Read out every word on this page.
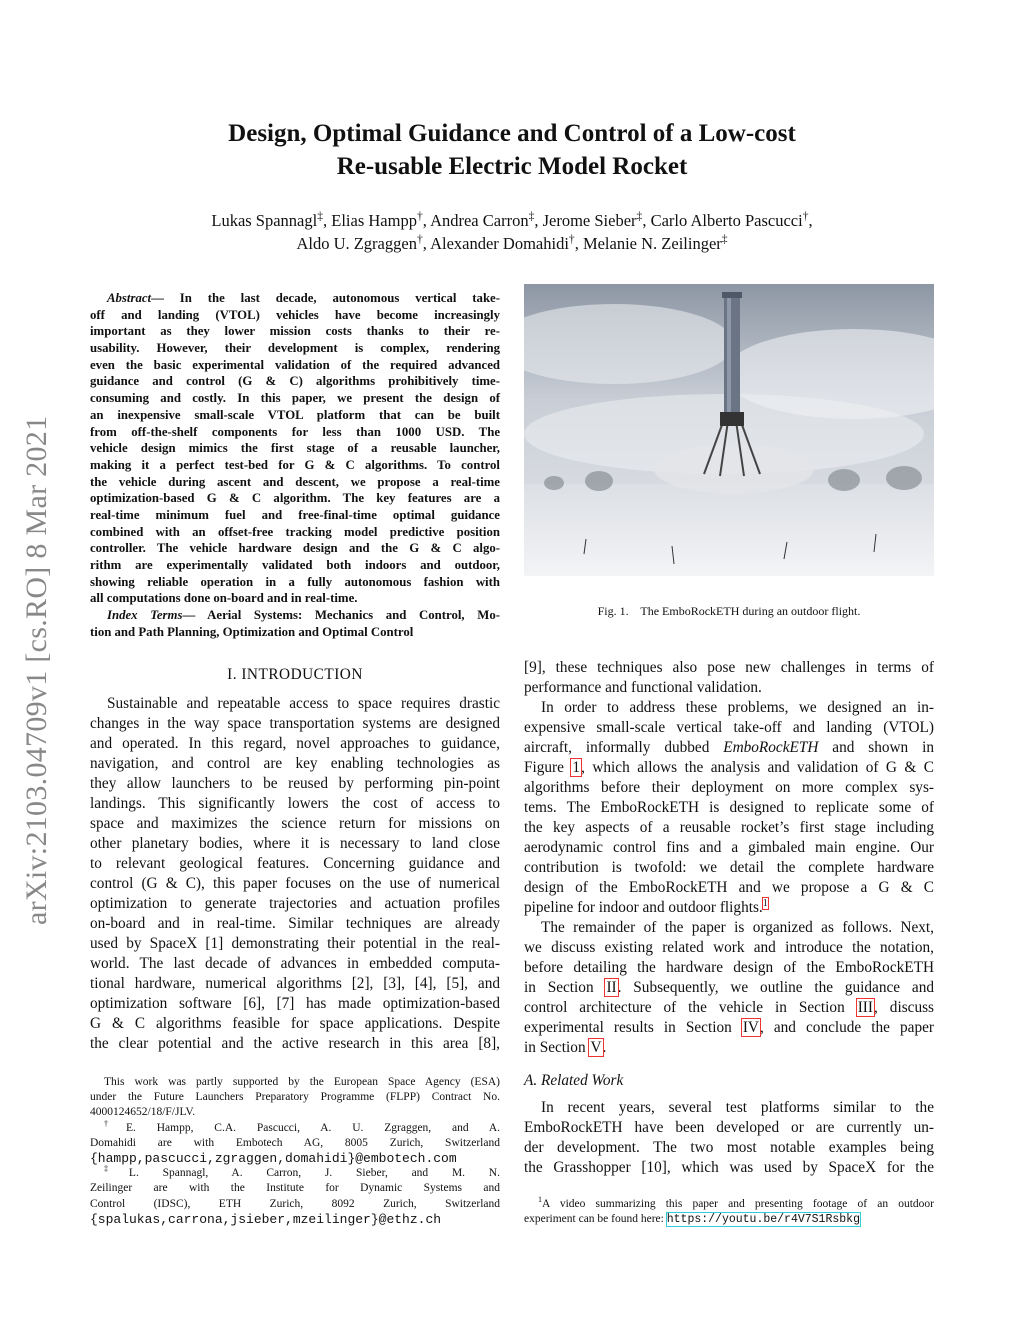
Design, Optimal Guidance and Control of a Low-cost
Re-usable Electric Model Rocket
Lukas Spannagl‡, Elias Hampp†, Andrea Carron‡, Jerome Sieber‡, Carlo Alberto Pascucci†,
Aldo U. Zgraggen†, Alexander Domahidi†, Melanie N. Zeilinger‡
arXiv:2103.04709v1 [cs.RO] 8 Mar 2021
Abstract— In the last decade, autonomous vertical take-
off and landing (VTOL) vehicles have become increasingly
important as they lower mission costs thanks to their re-
usability. However, their development is complex, rendering
even the basic experimental validation of the required advanced
guidance and control (G & C) algorithms prohibitively time-
consuming and costly. In this paper, we present the design of
an inexpensive small-scale VTOL platform that can be built
from off-the-shelf components for less than 1000 USD. The
vehicle design mimics the first stage of a reusable launcher,
making it a perfect test-bed for G & C algorithms. To control
the vehicle during ascent and descent, we propose a real-time
optimization-based G & C algorithm. The key features are a
real-time minimum fuel and free-final-time optimal guidance
combined with an offset-free tracking model predictive position
controller. The vehicle hardware design and the G & C algo-
rithm are experimentally validated both indoors and outdoor,
showing reliable operation in a fully autonomous fashion with
all computations done on-board and in real-time.
Index Terms— Aerial Systems: Mechanics and Control, Mo-
tion and Path Planning, Optimization and Optimal Control
I. INTRODUCTION
Sustainable and repeatable access to space requires drastic
changes in the way space transportation systems are designed
and operated. In this regard, novel approaches to guidance,
navigation, and control are key enabling technologies as
they allow launchers to be reused by performing pin-point
landings. This significantly lowers the cost of access to
space and maximizes the science return for missions on
other planetary bodies, where it is necessary to land close
to relevant geological features. Concerning guidance and
control (G & C), this paper focuses on the use of numerical
optimization to generate trajectories and actuation profiles
on-board and in real-time. Similar techniques are already
used by SpaceX [1] demonstrating their potential in the real-
world. The last decade of advances in embedded computa-
tional hardware, numerical algorithms [2], [3], [4], [5], and
optimization software [6], [7] has made optimization-based
G & C algorithms feasible for space applications. Despite
the clear potential and the active research in this area [8],
Fig. 1.    The EmboRockETH during an outdoor flight.
[9], these techniques also pose new challenges in terms of
performance and functional validation.
In order to address these problems, we designed an in-
expensive small-scale vertical take-off and landing (VTOL)
aircraft, informally dubbed EmboRockETH and shown in
Figure 1, which allows the analysis and validation of G & C
algorithms before their deployment on more complex sys-
tems. The EmboRockETH is designed to replicate some of
the key aspects of a reusable rocket’s first stage including
aerodynamic control fins and a gimbaled main engine. Our
contribution is twofold: we detail the complete hardware
design of the EmboRockETH and we propose a G & C
pipeline for indoor and outdoor flights.$^1$
The remainder of the paper is organized as follows. Next,
we discuss existing related work and introduce the notation,
before detailing the hardware design of the EmboRockETH
in Section II. Subsequently, we outline the guidance and
control architecture of the vehicle in Section III, discuss
experimental results in Section IV, and conclude the paper
in Section V.
A. Related Work
In recent years, several test platforms similar to the
EmboRockETH have been developed or are currently un-
der development. The two most notable examples being
the Grasshopper [10], which was used by SpaceX for the
This work was partly supported by the European Space Agency (ESA)
under the Future Launchers Preparatory Programme (FLPP) Contract No.
4000124652/18/F/JLV.
†E. Hampp, C.A. Pascucci, A. U. Zgraggen, and A.
Domahidi are with Embotech AG, 8005 Zurich, Switzerland
{hampp,pascucci,zgraggen,domahidi}@embotech.com
‡L. Spannagl, A. Carron, J. Sieber, and M. N.
Zeilinger are with the Institute for Dynamic Systems and
Control (IDSC), ETH Zurich, 8092 Zurich, Switzerland
{spalukas,carrona,jsieber,mzeilinger}@ethz.ch
$^1$A video summarizing this paper and presenting footage of an outdoor
experiment can be found here: https://youtu.be/r4V7S1Rsbkg
